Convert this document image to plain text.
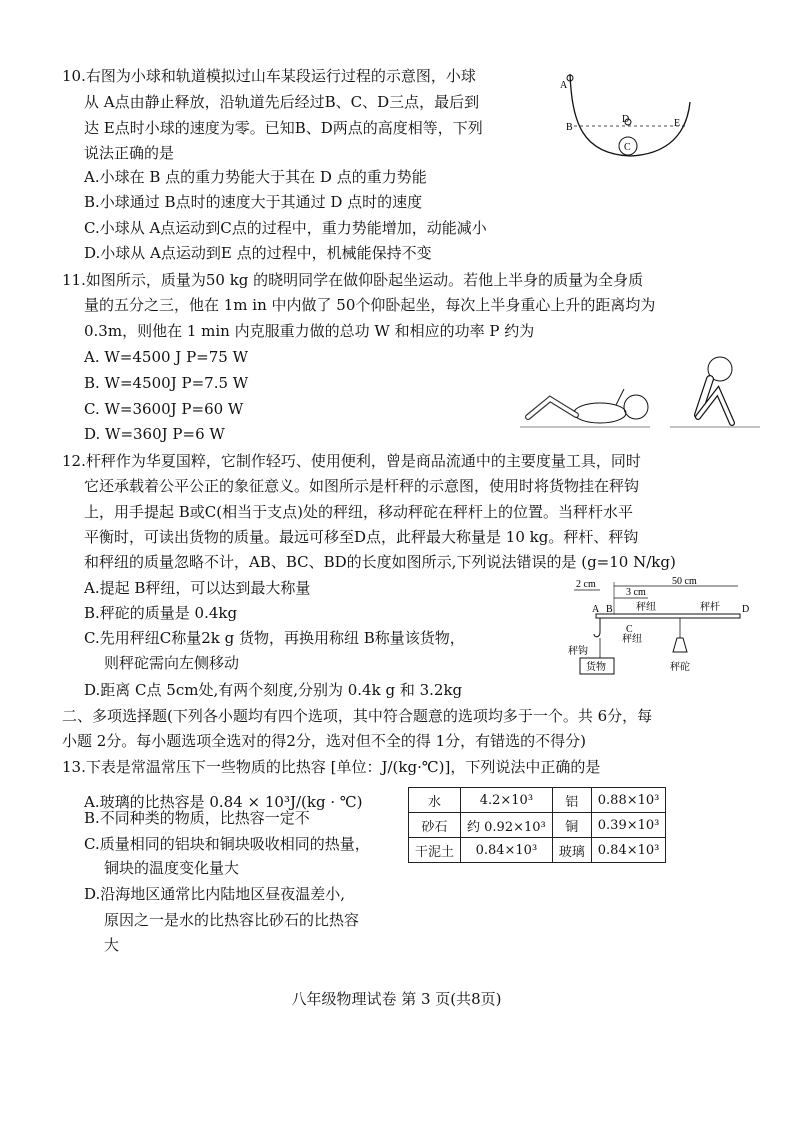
10.右图为小球和轨道模拟过山车某段运行过程的示意图，小球
从 A点由静止释放，沿轨道先后经过B、C、D三点，最后到
达 E点时小球的速度为零。已知B、D两点的高度相等，下列
说法正确的是
A.小球在 B 点的重力势能大于其在 D 点的重力势能
B.小球通过 B点时的速度大于其通过 D 点时的速度
C.小球从 A点运动到C点的过程中，重力势能增加，动能减小
D.小球从 A点运动到E 点的过程中，机械能保持不变
A
B
C
D	E
11.如图所示，质量为50 kg 的晓明同学在做仰卧起坐运动。若他上半身的质量为全身质
量的五分之三，他在 1m in 中内做了 50个仰卧起坐，每次上半身重心上升的距离均为
0.3m，则他在 1 min 内克服重力做的总功 W 和相应的功率 P 约为
A. W=4500 J P=75 W
B. W=4500J P=7.5 W
C. W=3600J P=60 W
D. W=360J P=6 W
12.杆秤作为华夏国粹，它制作轻巧、使用便利，曾是商品流通中的主要度量工具，同时
它还承载着公平公正的象征意义。如图所示是杆秤的示意图，使用时将货物挂在秤钩
上，用手提起 B或C(相当于支点)处的秤纽，移动秤砣在秤杆上的位置。当秤杆水平
平衡时，可读出货物的质量。最远可移至D点，此秤最大称量是 10 kg。秤杆、秤钩
和秤纽的质量忽略不计，AB、BC、BD的长度如图所示,下列说法错误的是 (g=10 N/kg)
A.提起 B秤纽，可以达到最大称量
B.秤砣的质量是 0.4kg
C.先用秤纽C称量2k g 货物，再换用称纽 B称量该货物，
则秤砣需向左侧移动
D.距离 C点 5cm处,有两个刻度,分别为 0.4k g 和 3.2kg
2 cm
3 cm
50 cm
A B
C
D
秤纽
秤纽
秤杆
秤钩
货物	秤砣
二、多项选择题(下列各小题均有四个选项，其中符合题意的选项均多于一个。共 6分，每
小题 2分。每小题选项全选对的得2分，选对但不全的得 1分，有错选的不得分)
13.下表是常温常压下一些物质的比热容 [单位：J/(kg·℃)]，下列说法中正确的是
A.玻璃的比热容是 0.84 × 10³J/(kg · ℃)
B.不同种类的物质，比热容一定不
C.质量相同的铝块和铜块吸收相同的热量，
铜块的温度变化量大
D.沿海地区通常比内陆地区昼夜温差小,
原因之一是水的比热容比砂石的比热容
大
水	4.2×10³	铝	0.88×10³
砂石	约 0.92×10³	铜	0.39×10³
干泥土	0.84×10³	玻璃	0.84×10³
八年级物理试卷 第 3 页(共8页)
